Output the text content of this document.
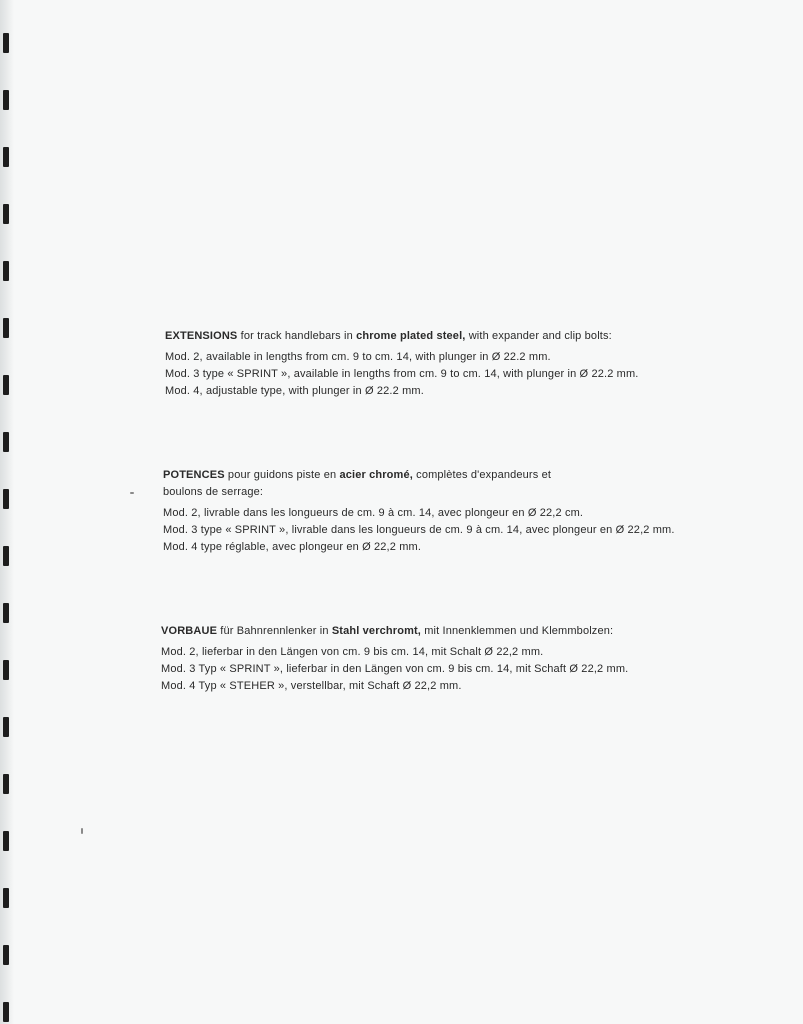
EXTENSIONS for track handlebars in chrome plated steel, with expander and clip bolts:

Mod. 2, available in lengths from cm. 9 to cm. 14, with plunger in Ø 22.2 mm.

Mod. 3 type « SPRINT », available in lengths from cm. 9 to cm. 14, with plunger in Ø 22.2 mm.

Mod. 4, adjustable type, with plunger in Ø 22.2 mm.

POTENCES pour guidons piste en acier chromé, complètes d'expandeurs et

boulons de serrage:

Mod. 2, livrable dans les longueurs de cm. 9 à cm. 14, avec plongeur en Ø 22,2 cm.

Mod. 3 type « SPRINT », livrable dans les longueurs de cm. 9 à cm. 14, avec plongeur en Ø 22,2 mm.

Mod. 4 type réglable, avec plongeur en Ø 22,2 mm.

VORBAUE für Bahnrennlenker in Stahl verchromt, mit Innenklemmen und Klemmbolzen:

Mod. 2, lieferbar in den Längen von cm. 9 bis cm. 14, mit Schalt Ø 22,2 mm.

Mod. 3 Typ « SPRINT », lieferbar in den Längen von cm. 9 bis cm. 14, mit Schaft Ø 22,2 mm.

Mod. 4 Typ « STEHER », verstellbar, mit Schaft Ø 22,2 mm.
